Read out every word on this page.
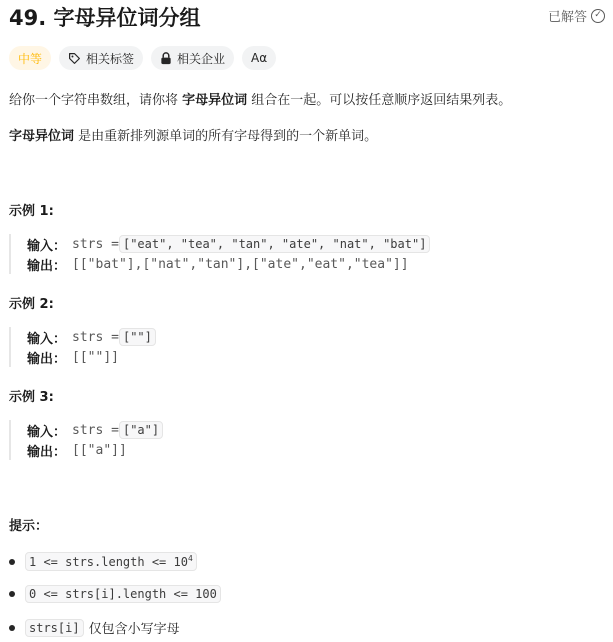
49. 字母异位词分组	已解答 ✓
中等	相关标签	相关企业 Aα
给你一个字符串数组，请你将 字母异位词 组合在一起。可以按任意顺序返回结果列表。
字母异位词 是由重新排列源单词的所有字母得到的一个新单词。
示例 1:
输入： strs = ["eat", "tea", "tan", "ate", "nat", "bat"]
输出： [["bat"],["nat","tan"],["ate","eat","tea"]]
示例 2:
输入： strs = [""]
输出： [[""]]
示例 3:
输入： strs = ["a"]
输出： [["a"]]
提示：
1 <= strs.length <= $10^4$
0 <= strs[i].length <= 100
strs[i] 仅包含小写字母
